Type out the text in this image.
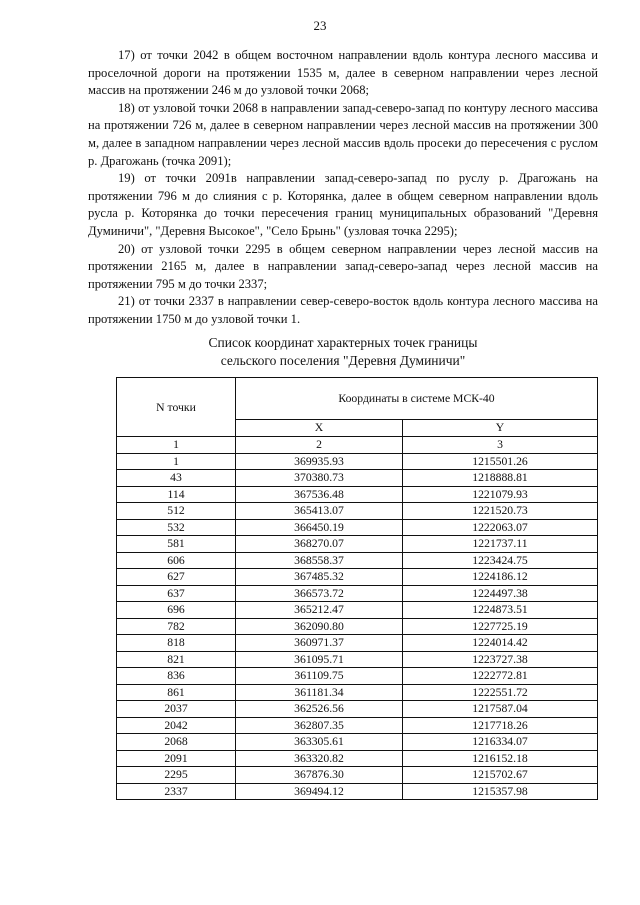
23

17) от точки 2042 в общем восточном направлении вдоль контура лесного массива и проселочной дороги на протяжении 1535 м, далее в северном направлении через лесной массив на протяжении 246 м до узловой точки 2068;

18) от узловой точки 2068 в направлении запад-северо-запад по контуру лесного массива на протяжении 726 м, далее в северном направлении через лесной массив на протяжении 300 м, далее в западном направлении через лесной массив вдоль просеки до пересечения с руслом р. Драгожань (точка 2091);

19) от точки 2091в направлении запад-северо-запад по руслу р. Драгожань на протяжении 796 м до слияния с р. Которянка, далее в общем северном направлении вдоль русла р. Которянка до точки пересечения границ муниципальных образований "Деревня Думиничи", "Деревня Высокое", "Село Брынь" (узловая точка 2295);

20) от узловой точки 2295 в общем северном направлении через лесной массив на протяжении 2165 м, далее в направлении запад-северо-запад через лесной массив на протяжении 795 м до точки 2337;

21) от точки 2337 в направлении север-северо-восток вдоль контура лесного массива на протяжении 1750 м до узловой точки 1.

Список координат характерных точек границы
сельского поселения "Деревня Думиничи"
N точки	Координаты в системе МСК-40	
	X	Y
1	2	3
1	369935.93	1215501.26
43	370380.73	1218888.81
114	367536.48	1221079.93
512	365413.07	1221520.73
532	366450.19	1222063.07
581	368270.07	1221737.11
606	368558.37	1223424.75
627	367485.32	1224186.12
637	366573.72	1224497.38
696	365212.47	1224873.51
782	362090.80	1227725.19
818	360971.37	1224014.42
821	361095.71	1223727.38
836	361109.75	1222772.81
861	361181.34	1222551.72
2037	362526.56	1217587.04
2042	362807.35	1217718.26
2068	363305.61	1216334.07
2091	363320.82	1216152.18
2295	367876.30	1215702.67
2337	369494.12	1215357.98
